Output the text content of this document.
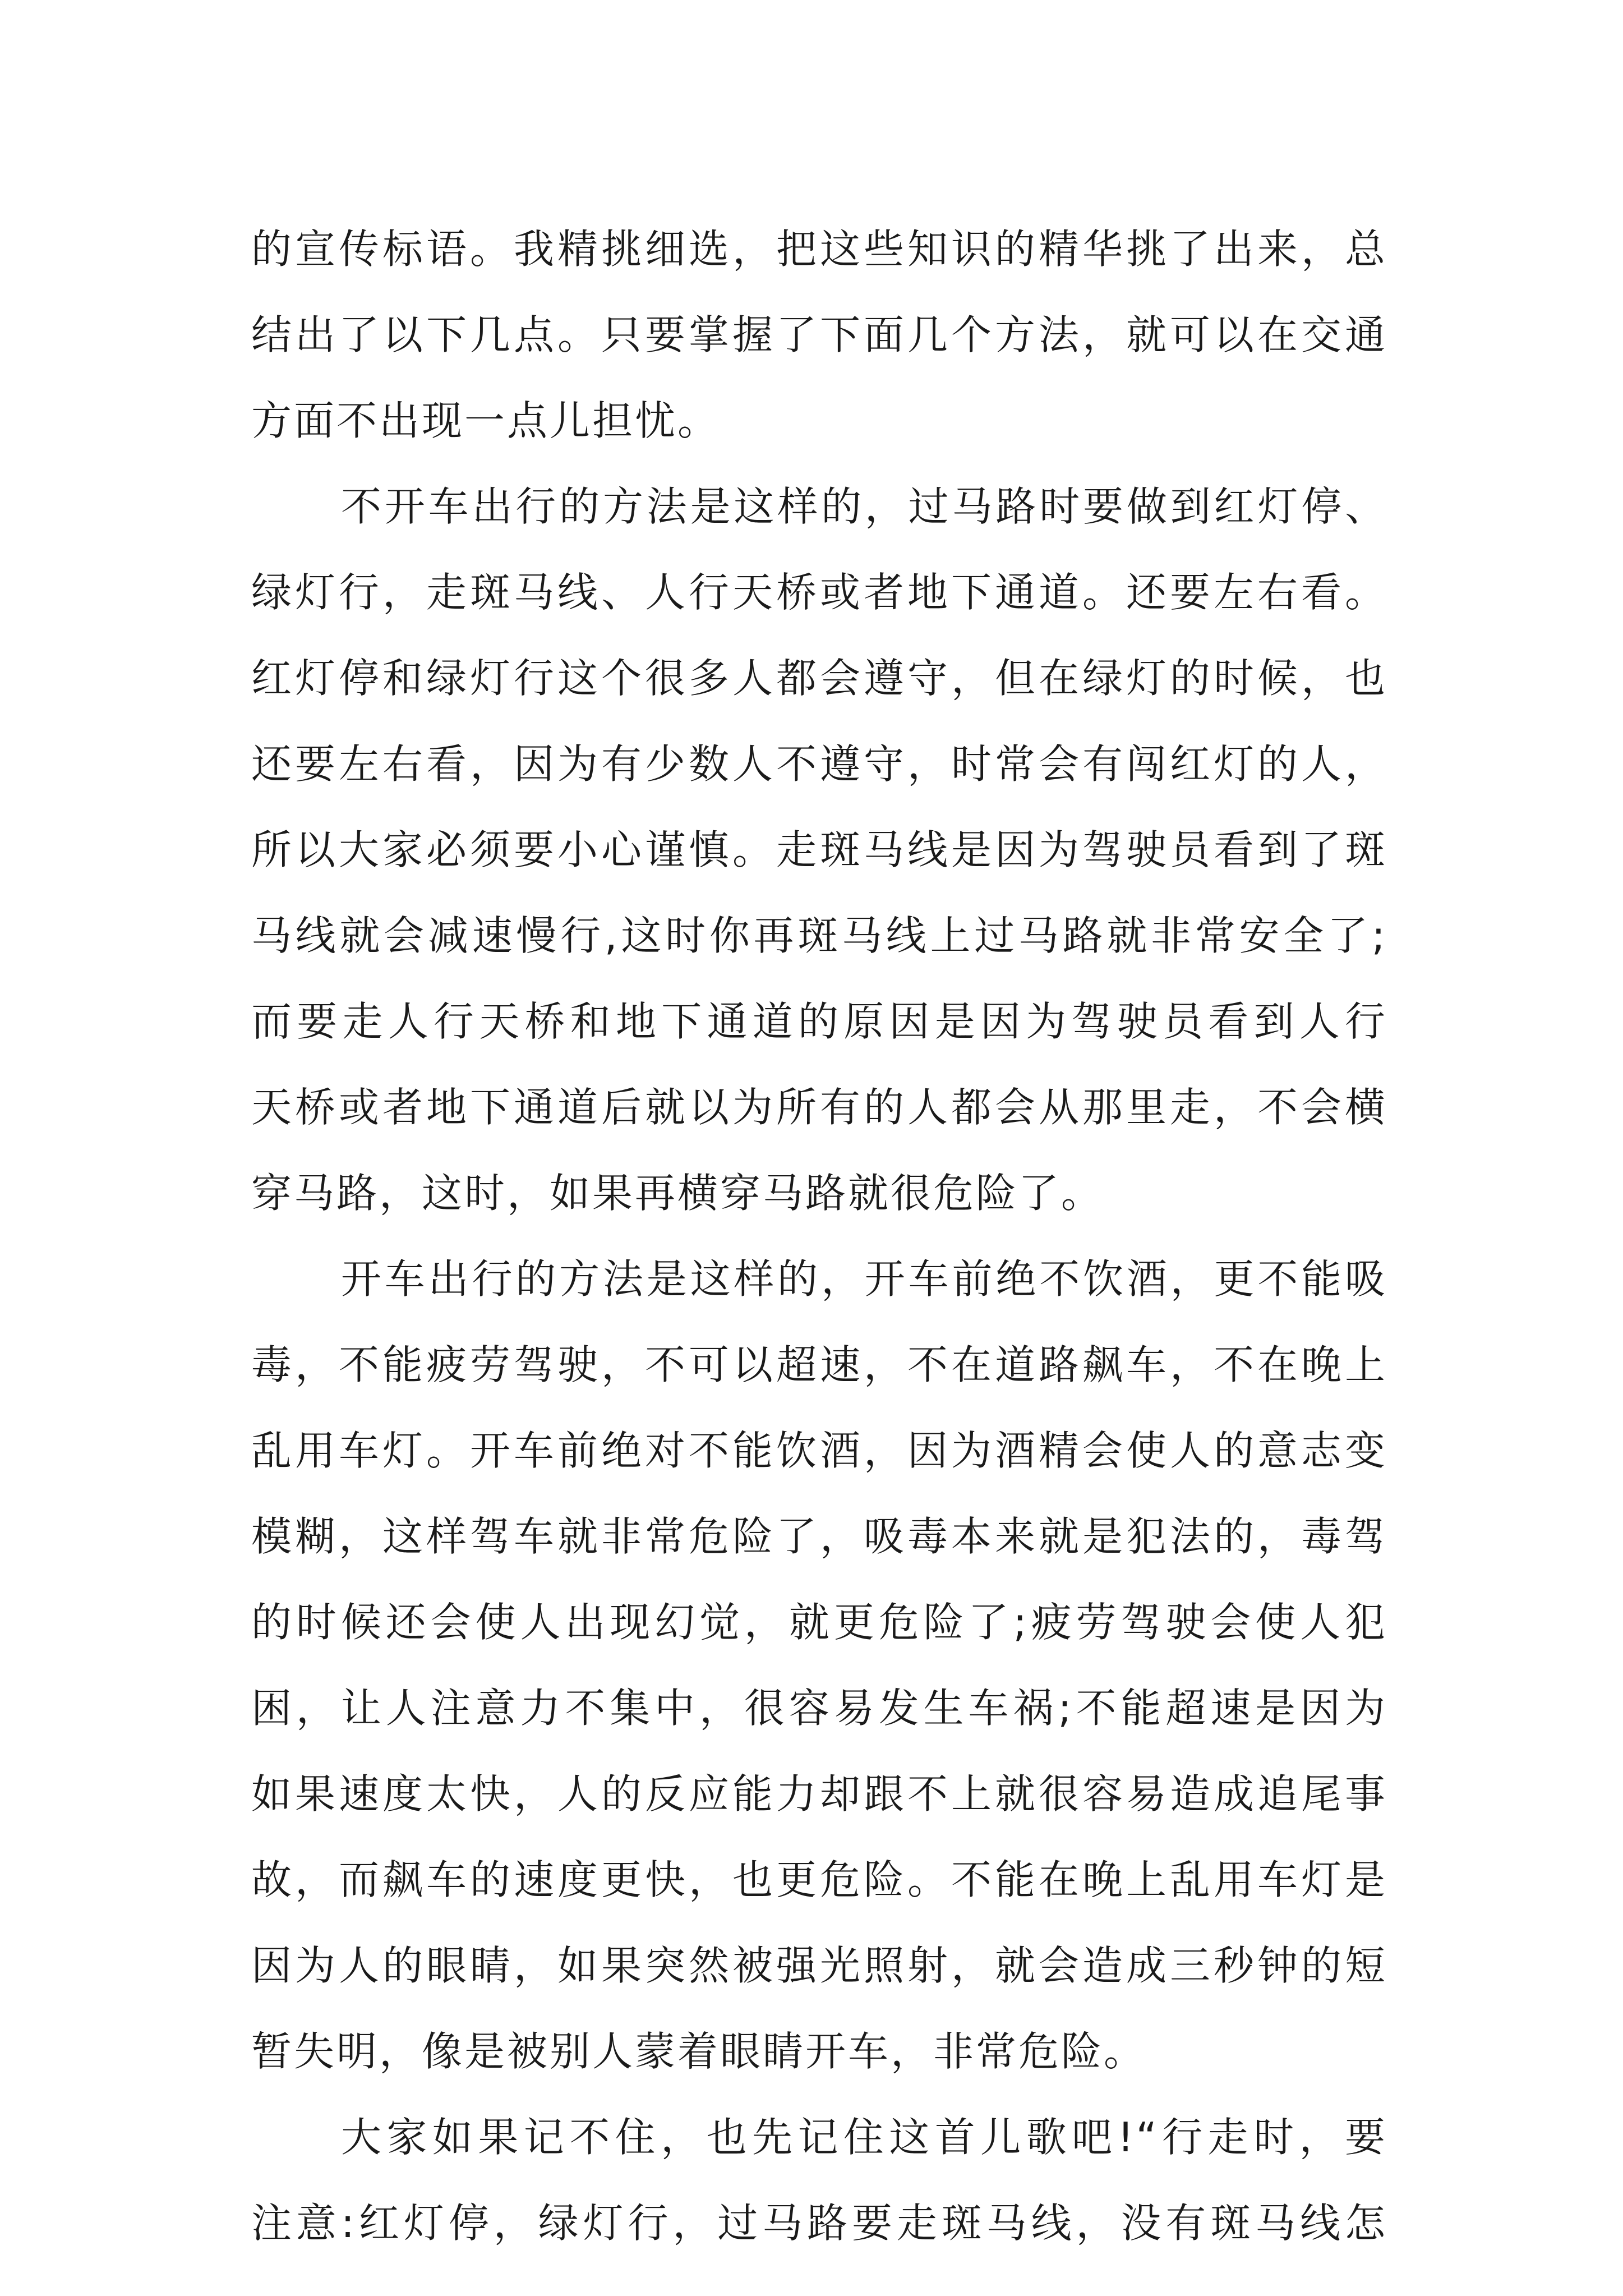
的宣传标语。我精挑细选，把这些知识的精华挑了出来，总
结出了以下几点。只要掌握了下面几个方法，就可以在交通
方面不出现一点儿担忧。
不开车出行的方法是这样的，过马路时要做到红灯停、
绿灯行，走斑马线、人行天桥或者地下通道。还要左右看。
红灯停和绿灯行这个很多人都会遵守，但在绿灯的时候，也
还要左右看，因为有少数人不遵守，时常会有闯红灯的人，
所以大家必须要小心谨慎。走斑马线是因为驾驶员看到了斑
马线就会减速慢行,这时你再斑马线上过马路就非常安全了;
而要走人行天桥和地下通道的原因是因为驾驶员看到人行
天桥或者地下通道后就以为所有的人都会从那里走，不会横
穿马路，这时，如果再横穿马路就很危险了。
开车出行的方法是这样的，开车前绝不饮酒，更不能吸
毒，不能疲劳驾驶，不可以超速，不在道路飙车，不在晚上
乱用车灯。开车前绝对不能饮酒，因为酒精会使人的意志变
模糊，这样驾车就非常危险了，吸毒本来就是犯法的，毒驾
的时候还会使人出现幻觉，就更危险了;疲劳驾驶会使人犯
困，让人注意力不集中，很容易发生车祸;不能超速是因为
如果速度太快，人的反应能力却跟不上就很容易造成追尾事
故，而飙车的速度更快，也更危险。不能在晚上乱用车灯是
因为人的眼睛，如果突然被强光照射，就会造成三秒钟的短
暂失明，像是被别人蒙着眼睛开车，非常危险。
大家如果记不住，也先记住这首儿歌吧!“行走时，要
注意:红灯停，绿灯行，过马路要走斑马线，没有斑马线怎
